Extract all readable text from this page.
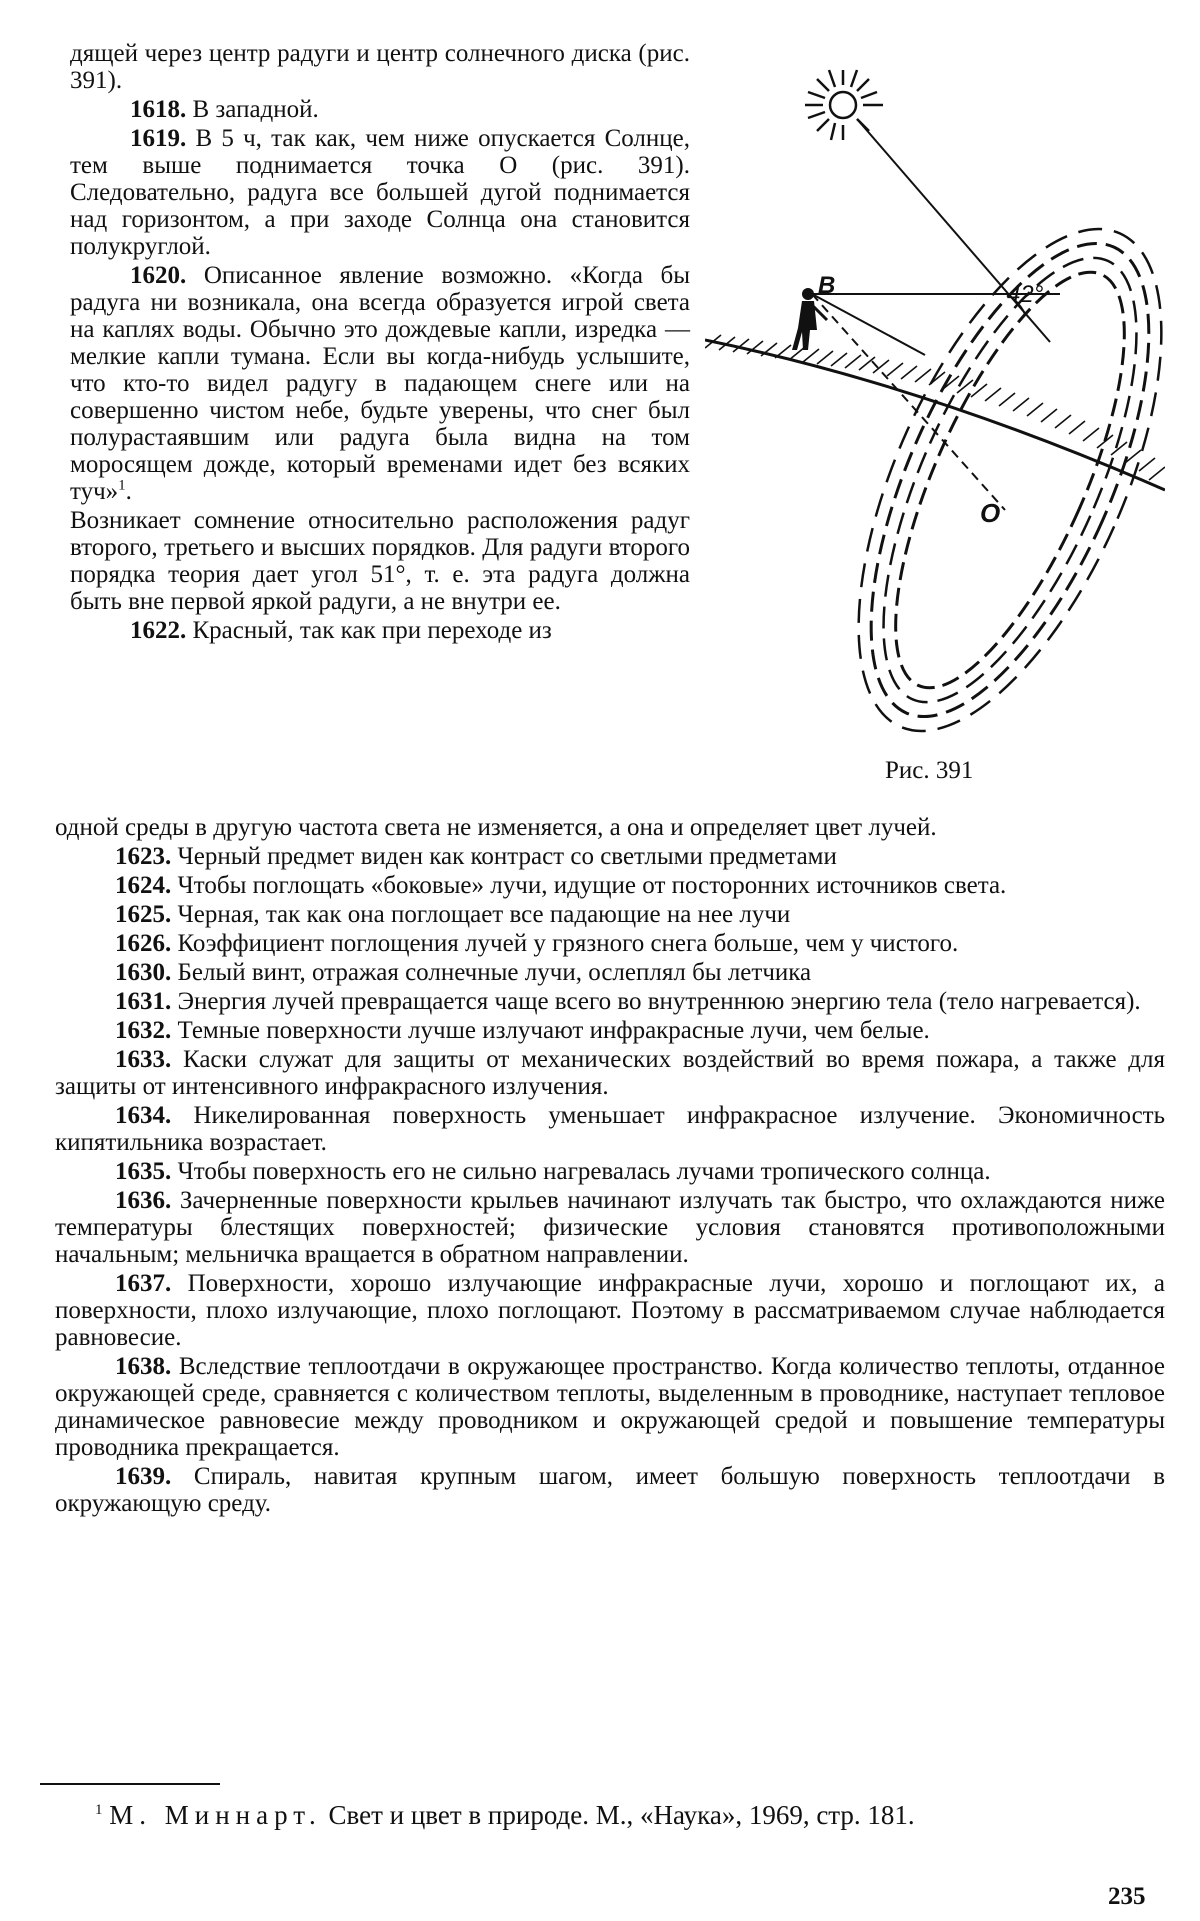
дящей через центр радуги и центр солнечного диска (рис. 391).

1618. В западной.

1619. В 5 ч, так как, чем ниже опускается Солнце, тем выше поднимается точка O (рис. 391). Следовательно, радуга все большей дугой поднимается над горизонтом, а при заходе Солнца она становится полукруглой.

1620. Описанное явление возможно. «Когда бы радуга ни возникала, она всегда образуется игрой света на каплях воды. Обычно это дождевые капли, изредка — мелкие капли тумана. Если вы когда-нибудь услышите, что кто-то видел радугу в падающем снеге или на совершенно чистом небе, будьте уверены, что снег был полурастаявшим или радуга была видна на том моросящем дожде, который временами идет без всяких туч»$^1$.

Возникает сомнение относительно расположения радуг второго, третьего и высших порядков. Для радуги второго порядка теория дает угол 51°, т. е. эта радуга должна быть вне первой яркой радуги, а не внутри ее.

1622. Красный, так как при переходе из

42°
B
O
Рис. 391

одной среды в другую частота света не изменяется, а она и определяет цвет лучей.

1623. Черный предмет виден как контраст со светлыми предметами

1624. Чтобы поглощать «боковые» лучи, идущие от посторонних источников света.

1625. Черная, так как она поглощает все падающие на нее лучи

1626. Коэффициент поглощения лучей у грязного снега больше, чем у чистого.

1630. Белый винт, отражая солнечные лучи, ослеплял бы летчика

1631. Энергия лучей превращается чаще всего во внутреннюю энергию тела (тело нагревается).

1632. Темные поверхности лучше излучают инфракрасные лучи, чем белые.

1633. Каски служат для защиты от механических воздействий во время пожара, а также для защиты от интенсивного инфракрасного излучения.

1634. Никелированная поверхность уменьшает инфракрасное излучение. Экономичность кипятильника возрастает.

1635. Чтобы поверхность его не сильно нагревалась лучами тропического солнца.

1636. Зачерненные поверхности крыльев начинают излучать так быстро, что охлаждаются ниже температуры блестящих поверхностей; физические условия становятся противоположными начальным; мельничка вращается в обратном направлении.

1637. Поверхности, хорошо излучающие инфракрасные лучи, хорошо и поглощают их, а поверхности, плохо излучающие, плохо поглощают. Поэтому в рассматриваемом случае наблюдается равновесие.

1638. Вследствие теплоотдачи в окружающее пространство. Когда количество теплоты, отданное окружающей среде, сравняется с количеством теплоты, выделенным в проводнике, наступает тепловое динамическое равновесие между проводником и окружающей средой и повышение температуры проводника прекращается.

1639. Спираль, навитая крупным шагом, имеет большую поверхность теплоотдачи в окружающую среду.

$^1$ М. Миннарт. Свет и цвет в природе. М., «Наука», 1969, стр. 181.
235
